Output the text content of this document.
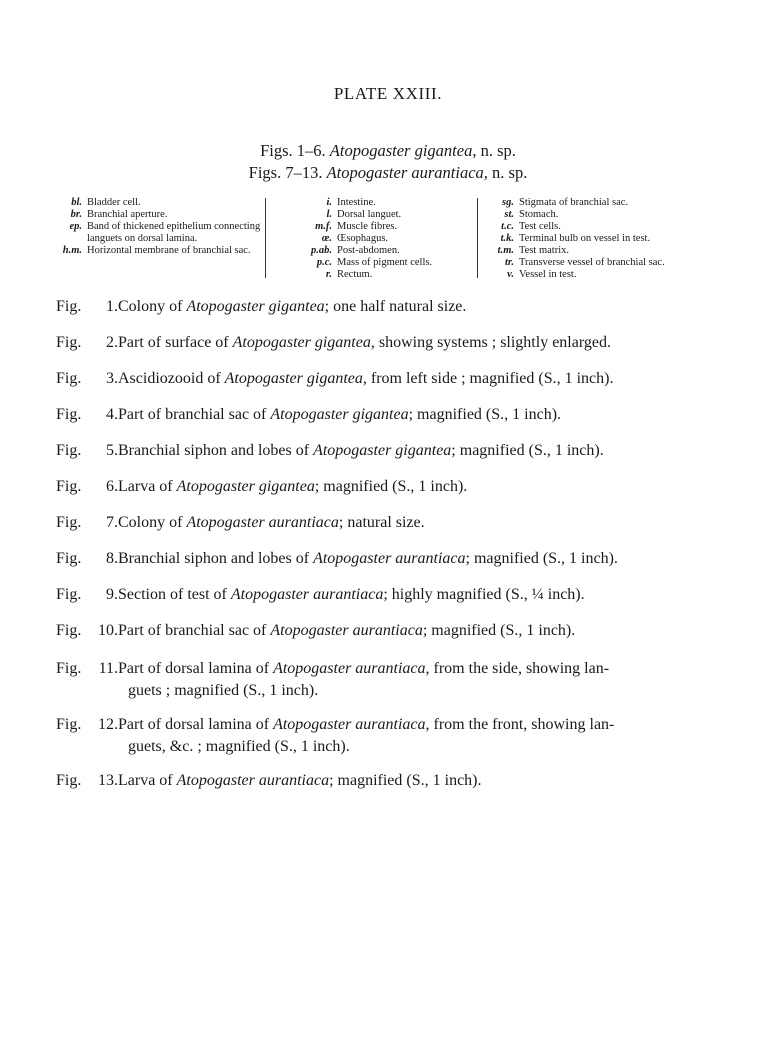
PLATE XXIII.
Figs. 1–6. Atopogaster gigantea, n. sp.
Figs. 7–13. Atopogaster aurantiaca, n. sp.
bl. Bladder cell.
br. Branchial aperture.
ep. Band of thickened epithelium connecting languets on dorsal lamina.
h.m. Horizontal membrane of branchial sac.
i. Intestine.
l. Dorsal languet.
m.f. Muscle fibres.
œ. Œsophagus.
p.ab. Post-abdomen.
p.c. Mass of pigment cells.
r. Rectum.
sg. Stigmata of branchial sac.
st. Stomach.
t.c. Test cells.
t.k. Terminal bulb on vessel in test.
t.m. Test matrix.
tr. Transverse vessel of branchial sac.
v. Vessel in test.
Fig.	1. Colony of Atopogaster gigantea; one half natural size.
Fig.	2. Part of surface of Atopogaster gigantea, showing systems ; slightly enlarged.
Fig.	3. Ascidiozooid of Atopogaster gigantea, from left side ; magnified (S., 1 inch).
Fig.	4. Part of branchial sac of Atopogaster gigantea; magnified (S., 1 inch).
Fig.	5. Branchial siphon and lobes of Atopogaster gigantea; magnified (S., 1 inch).
Fig.	6. Larva of Atopogaster gigantea; magnified (S., 1 inch).
Fig.	7. Colony of Atopogaster aurantiaca; natural size.
Fig.	8. Branchial siphon and lobes of Atopogaster aurantiaca; magnified (S., 1 inch).
Fig.	9. Section of test of Atopogaster aurantiaca; highly magnified (S., ¼ inch).
Fig.	10. Part of branchial sac of Atopogaster aurantiaca; magnified (S., 1 inch).
Fig.	11. Part of dorsal lamina of Atopogaster aurantiaca, from the side, showing lan-
guets ; magnified (S., 1 inch).
Fig.	12. Part of dorsal lamina of Atopogaster aurantiaca, from the front, showing lan-
guets, &c. ; magnified (S., 1 inch).
Fig.	13. Larva of Atopogaster aurantiaca; magnified (S., 1 inch).
